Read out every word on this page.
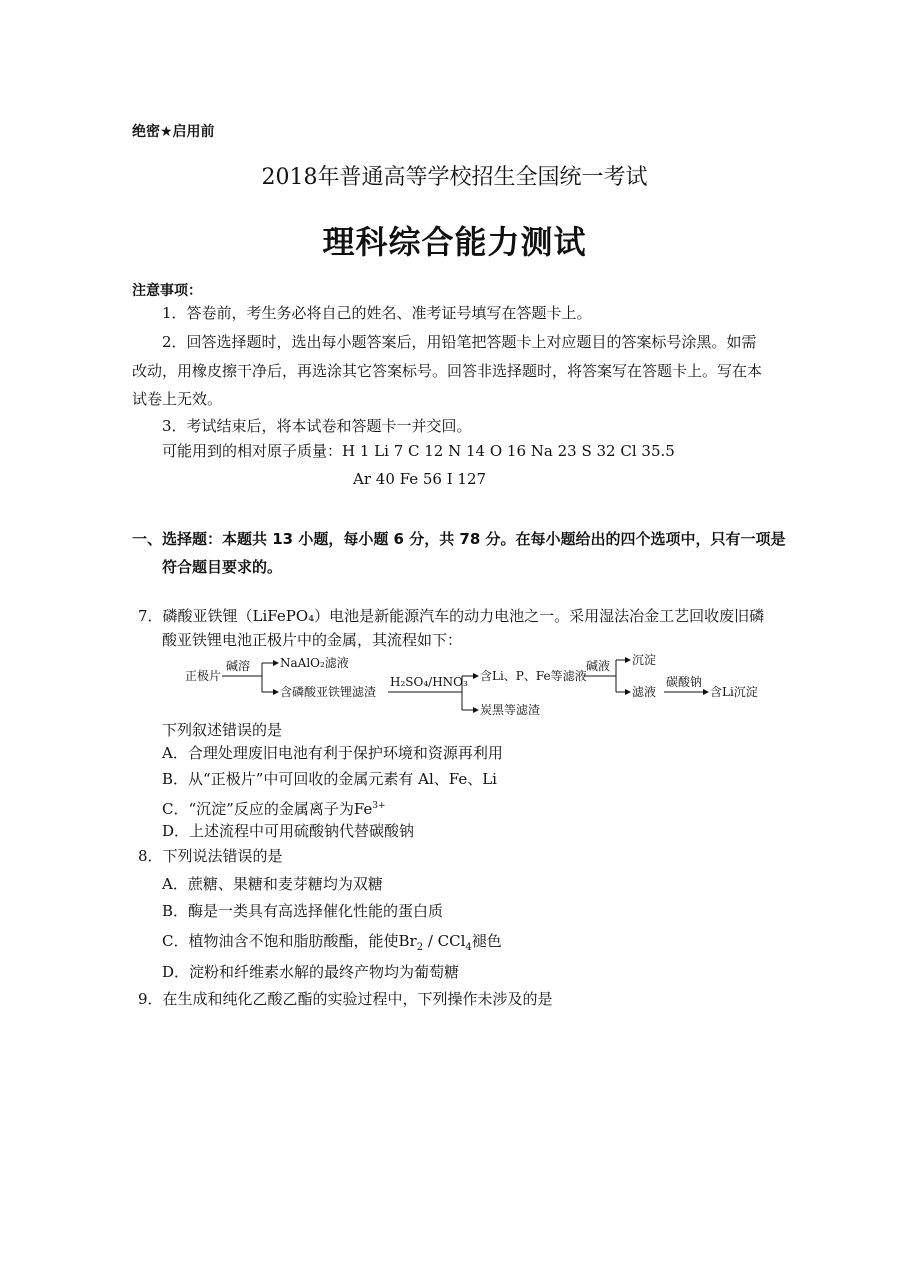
绝密★启用前
2018年普通高等学校招生全国统一考试
理科综合能力测试
注意事项：
1．答卷前，考生务必将自己的姓名、准考证号填写在答题卡上。
2．回答选择题时，选出每小题答案后，用铅笔把答题卡上对应题目的答案标号涂黑。如需
改动，用橡皮擦干净后，再选涂其它答案标号。回答非选择题时，将答案写在答题卡上。写在本
试卷上无效。
3．考试结束后，将本试卷和答题卡一并交回。
可能用到的相对原子质量：H 1 Li 7 C 12 N 14 O 16 Na 23 S 32 Cl 35.5
Ar 40 Fe 56 I 127
一、选择题：本题共 13 小题，每小题 6 分，共 78 分。在每小题给出的四个选项中，只有一项是
符合题目要求的。
7．磷酸亚铁锂（LiFePO₄）电池是新能源汽车的动力电池之一。采用湿法冶金工艺回收废旧磷
酸亚铁锂电池正极片中的金属，其流程如下：
正极片
碱溶 NaAlO₂滤液
含磷酸亚铁锂滤渣
H₂SO₄/HNO₃ 含Li、P、Fe等滤液
炭黑等滤渣
碱液 沉淀
滤液
碳酸钠
含Li沉淀
下列叙述错误的是
A．合理处理废旧电池有利于保护环境和资源再利用
B．从“正极片”中可回收的金属元素有 Al、Fe、Li
C．“沉淀”反应的金属离子为$Fe^{3+}$
D．上述流程中可用硫酸钠代替碳酸钠
8．下列说法错误的是
A．蔗糖、果糖和麦芽糖均为双糖
B．酶是一类具有高选择催化性能的蛋白质
C．植物油含不饱和脂肪酸酯，能使$Br_2 / CCl_4$褪色
D．淀粉和纤维素水解的最终产物均为葡萄糖
9．在生成和纯化乙酸乙酯的实验过程中，下列操作未涉及的是
